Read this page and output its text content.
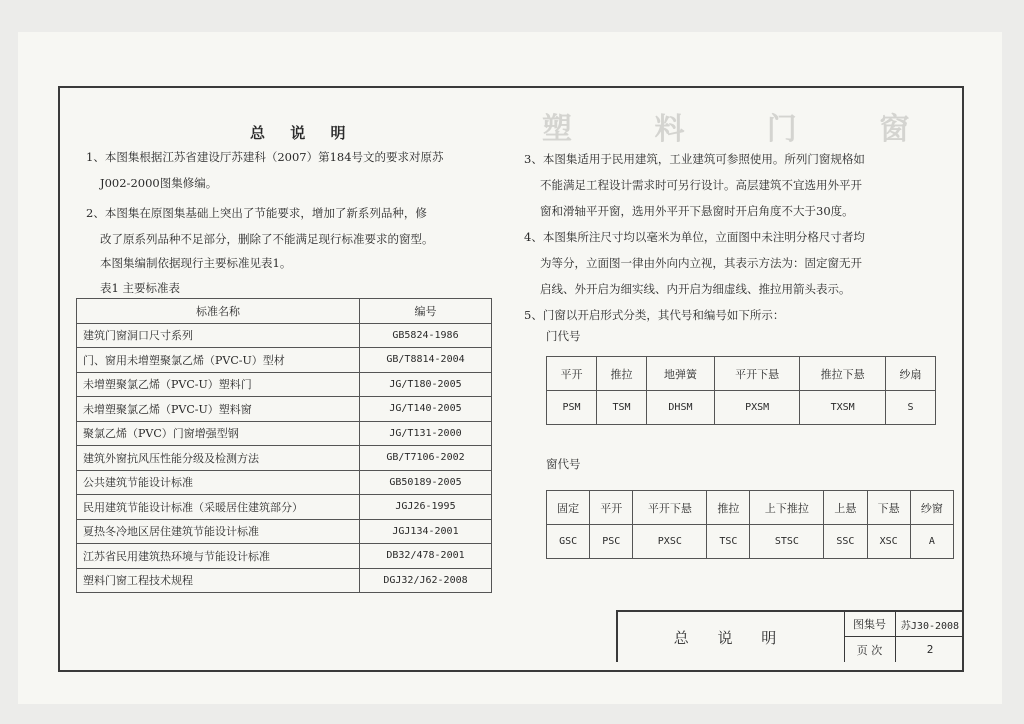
塑 料 门 窗
总 说 明
1、本图集根据江苏省建设厅苏建科（2007）第184号文的要求对原苏
J002-2000图集修编。
2、本图集在原图集基础上突出了节能要求，增加了新系列品种，修
改了原系列品种不足部分，删除了不能满足现行标准要求的窗型。
本图集编制依据现行主要标准见表1。
表1 主要标准表
标准名称	编号
建筑门窗洞口尺寸系列	GB5824-1986
门、窗用未增塑聚氯乙烯（PVC-U）型材	GB/T8814-2004
未增塑聚氯乙烯（PVC-U）塑料门	JG/T180-2005
未增塑聚氯乙烯（PVC-U）塑料窗	JG/T140-2005
聚氯乙烯（PVC）门窗增强型钢	JG/T131-2000
建筑外窗抗风压性能分级及检测方法	GB/T7106-2002
公共建筑节能设计标准	GB50189-2005
民用建筑节能设计标准（采暖居住建筑部分）	JGJ26-1995
夏热冬冷地区居住建筑节能设计标准	JGJ134-2001
江苏省民用建筑热环境与节能设计标准	DB32/478-2001
塑料门窗工程技术规程	DGJ32/J62-2008
3、本图集适用于民用建筑，工业建筑可参照使用。所列门窗规格如
不能满足工程设计需求时可另行设计。高层建筑不宜选用外平开
窗和滑轴平开窗，选用外平开下悬窗时开启角度不大于30度。
4、本图集所注尺寸均以毫米为单位，立面图中未注明分格尺寸者均
为等分，立面图一律由外向内立视，其表示方法为：固定窗无开
启线、外开启为细实线、内开启为细虚线、推拉用箭头表示。
5、门窗以开启形式分类，其代号和编号如下所示：
门代号
平开	推拉	地弹簧	平开下悬	推拉下悬	纱扇
PSM	TSM	DHSM	PXSM	TXSM	S
窗代号
固定	平开	平开下悬	推拉	上下推拉	上悬	下悬	纱窗
GSC	PSC	PXSC	TSC	STSC	SSC	XSC	A
总 说 明
图集号	苏J30-2008
页 次	2
